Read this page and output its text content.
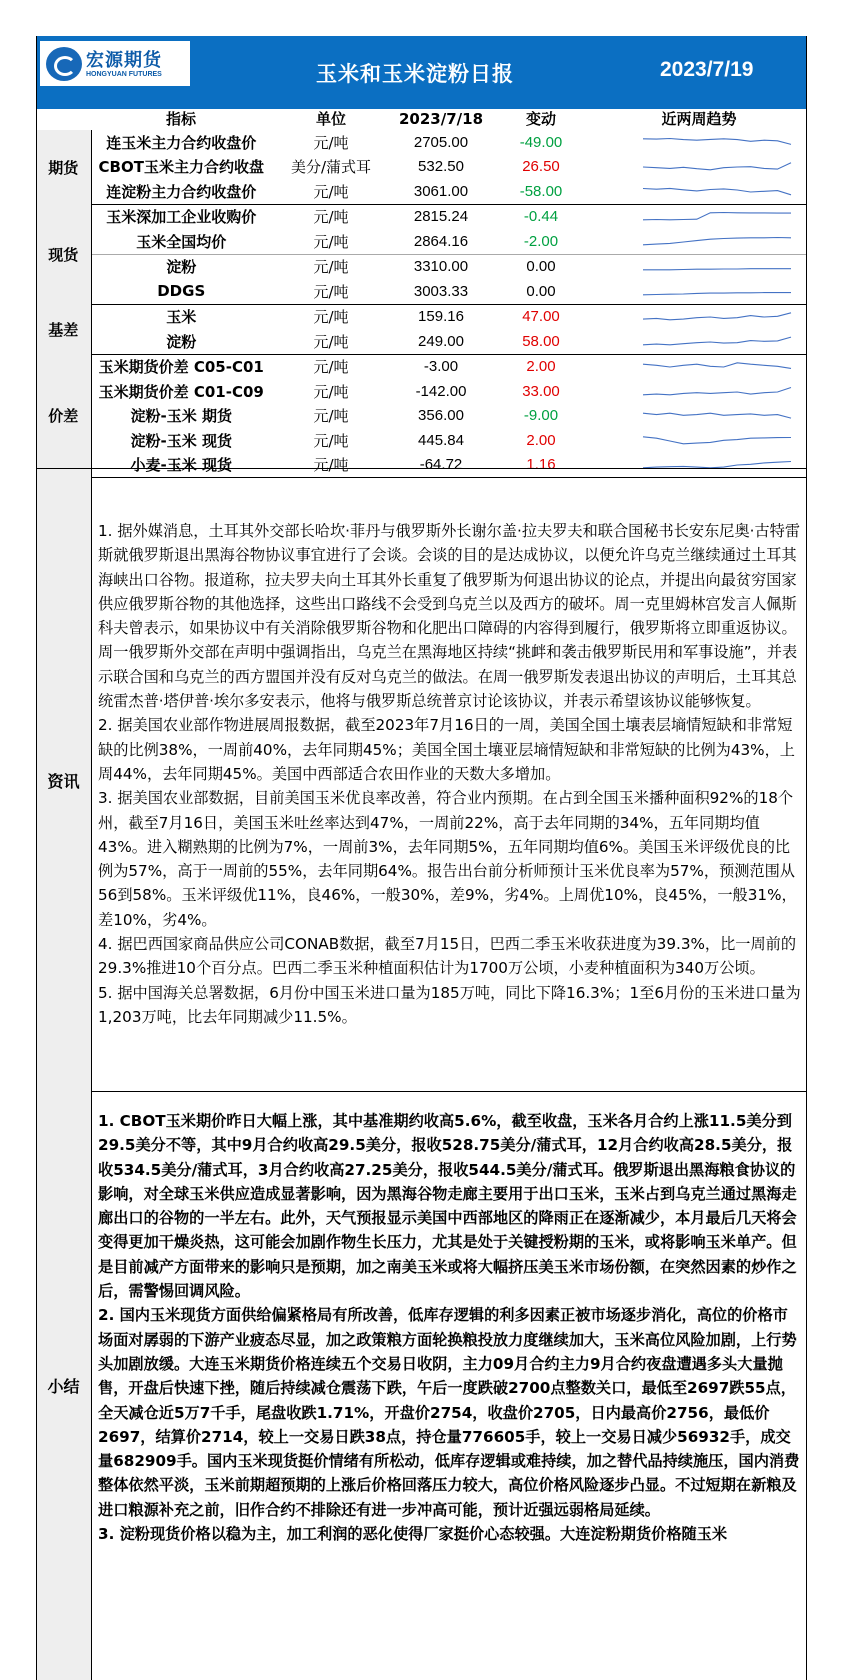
宏源期货
HONGYUAN FUTURES	玉米和玉米淀粉日报	2023/7/19
指标	单位	2023/7/18	变动	近两周趋势
期货	连玉米主力合约收盘价	元/吨	2705.00	-49.00	
	CBOT玉米主力合约收盘	美分/蒲式耳	532.50	26.50	
	连淀粉主力合约收盘价	元/吨	3061.00	-58.00	
现货	玉米深加工企业收购价	元/吨	2815.24	-0.44	
	玉米全国均价	元/吨	2864.16	-2.00	
	淀粉	元/吨	3310.00	0.00	
	DDGS	元/吨	3003.33	0.00	
基差	玉米	元/吨	159.16	47.00	
	淀粉	元/吨	249.00	58.00	
价差	玉米期货价差 C05-C01	元/吨	-3.00	2.00	
	玉米期货价差 C01-C09	元/吨	-142.00	33.00	
	淀粉-玉米 期货	元/吨	356.00	-9.00	
	淀粉-玉米 现货	元/吨	445.84	2.00	
	小麦-玉米 现货	元/吨	-64.72	1.16	
资讯

1. 据外媒消息，土耳其外交部长哈坎·菲丹与俄罗斯外长谢尔盖·拉夫罗夫和联合国秘书长安东尼奥·古特雷斯就俄罗斯退出黑海谷物协议事宜进行了会谈。会谈的目的是达成协议，以便允许乌克兰继续通过土耳其海峡出口谷物。报道称，拉夫罗夫向土耳其外长重复了俄罗斯为何退出协议的论点，并提出向最贫穷国家供应俄罗斯谷物的其他选择，这些出口路线不会受到乌克兰以及西方的破坏。周一克里姆林宫发言人佩斯科夫曾表示，如果协议中有关消除俄罗斯谷物和化肥出口障碍的内容得到履行，俄罗斯将立即重返协议。周一俄罗斯外交部在声明中强调指出，乌克兰在黑海地区持续“挑衅和袭击俄罗斯民用和军事设施”，并表示联合国和乌克兰的西方盟国并没有反对乌克兰的做法。在周一俄罗斯发表退出协议的声明后，土耳其总统雷杰普·塔伊普·埃尔多安表示，他将与俄罗斯总统普京讨论该协议，并表示希望该协议能够恢复。

2. 据美国农业部作物进展周报数据，截至2023年7月16日的一周，美国全国土壤表层墒情短缺和非常短缺的比例38%，一周前40%，去年同期45%；美国全国土壤亚层墒情短缺和非常短缺的比例为43%，上周44%，去年同期45%。美国中西部适合农田作业的天数大多增加。

3. 据美国农业部数据，目前美国玉米优良率改善，符合业内预期。在占到全国玉米播种面积92%的18个州，截至7月16日，美国玉米吐丝率达到47%，一周前22%，高于去年同期的34%，五年同期均值43%。进入糊熟期的比例为7%，一周前3%，去年同期5%，五年同期均值6%。美国玉米评级优良的比例为57%，高于一周前的55%，去年同期64%。报告出台前分析师预计玉米优良率为57%，预测范围从56到58%。玉米评级优11%，良46%，一般30%，差9%，劣4%。上周优10%，良45%，一般31%，差10%，劣4%。

4. 据巴西国家商品供应公司CONAB数据，截至7月15日，巴西二季玉米收获进度为39.3%，比一周前的29.3%推进10个百分点。巴西二季玉米种植面积估计为1700万公顷，小麦种植面积为340万公顷。

5. 据中国海关总署数据，6月份中国玉米进口量为185万吨，同比下降16.3%；1至6月份的玉米进口量为1,203万吨，比去年同期减少11.5%。

小结

1. CBOT玉米期价昨日大幅上涨，其中基准期约收高5.6%，截至收盘，玉米各月合约上涨11.5美分到29.5美分不等，其中9月合约收高29.5美分，报收528.75美分/蒲式耳，12月合约收高28.5美分，报收534.5美分/蒲式耳，3月合约收高27.25美分，报收544.5美分/蒲式耳。俄罗斯退出黑海粮食协议的影响，对全球玉米供应造成显著影响，因为黑海谷物走廊主要用于出口玉米，玉米占到乌克兰通过黑海走廊出口的谷物的一半左右。此外，天气预报显示美国中西部地区的降雨正在逐渐减少，本月最后几天将会变得更加干燥炎热，这可能会加剧作物生长压力，尤其是处于关键授粉期的玉米，或将影响玉米单产。但是目前减产方面带来的影响只是预期，加之南美玉米或将大幅挤压美玉米市场份额，在突然因素的炒作之后，需警惕回调风险。

2. 国内玉米现货方面供给偏紧格局有所改善，低库存逻辑的利多因素正被市场逐步消化，高位的价格市场面对孱弱的下游产业疲态尽显，加之政策粮方面轮换粮投放力度继续加大，玉米高位风险加剧，上行势头加剧放缓。大连玉米期货价格连续五个交易日收阴，主力09月合约主力9月合约夜盘遭遇多头大量抛售，开盘后快速下挫，随后持续减仓震荡下跌，午后一度跌破2700点整数关口，最低至2697跌55点，全天减仓近5万7千手，尾盘收跌1.71%，开盘价2754，收盘价2705，日内最高价2756，最低价2697，结算价2714，较上一交易日跌38点，持仓量776605手，较上一交易日减少56932手，成交量682909手。国内玉米现货挺价情绪有所松动，低库存逻辑或难持续，加之替代品持续施压，国内消费整体依然平淡，玉米前期超预期的上涨后价格回落压力较大，高位价格风险逐步凸显。不过短期在新粮及进口粮源补充之前，旧作合约不排除还有进一步冲高可能，预计近强远弱格局延续。

3. 淀粉现货价格以稳为主，加工利润的恶化使得厂家挺价心态较强。大连淀粉期货价格随玉米
